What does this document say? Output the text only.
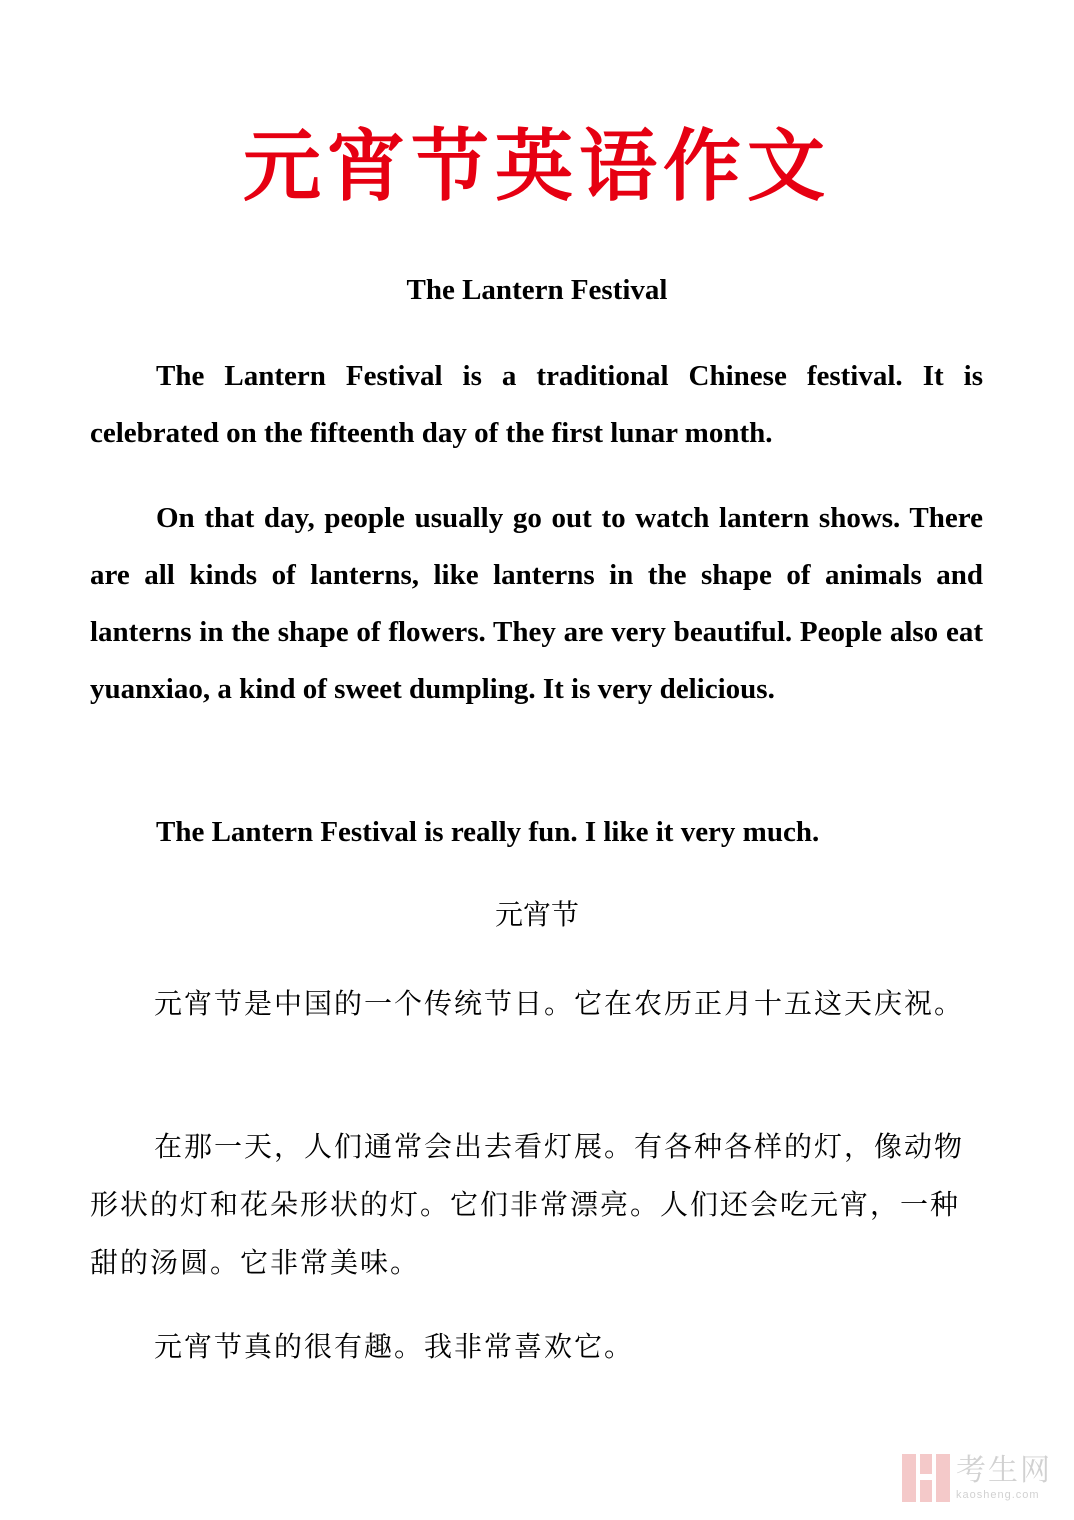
元宵节英语作文
The Lantern Festival

The Lantern Festival is a traditional Chinese festival. It is celebrated on the fifteenth day of the first lunar month.

On that day, people usually go out to watch lantern shows. There are all kinds of lanterns, like lanterns in the shape of animals and lanterns in the shape of flowers. They are very beautiful. People also eat yuanxiao, a kind of sweet dumpling. It is very delicious.

The Lantern Festival is really fun. I like it very much.

元宵节

元宵节是中国的一个传统节日。它在农历正月十五这天庆祝。

在那一天，人们通常会出去看灯展。有各种各样的灯，像动物形状的灯和花朵形状的灯。它们非常漂亮。人们还会吃元宵，一种甜的汤圆。它非常美味。

元宵节真的很有趣。我非常喜欢它。

考生网
kaosheng.com
